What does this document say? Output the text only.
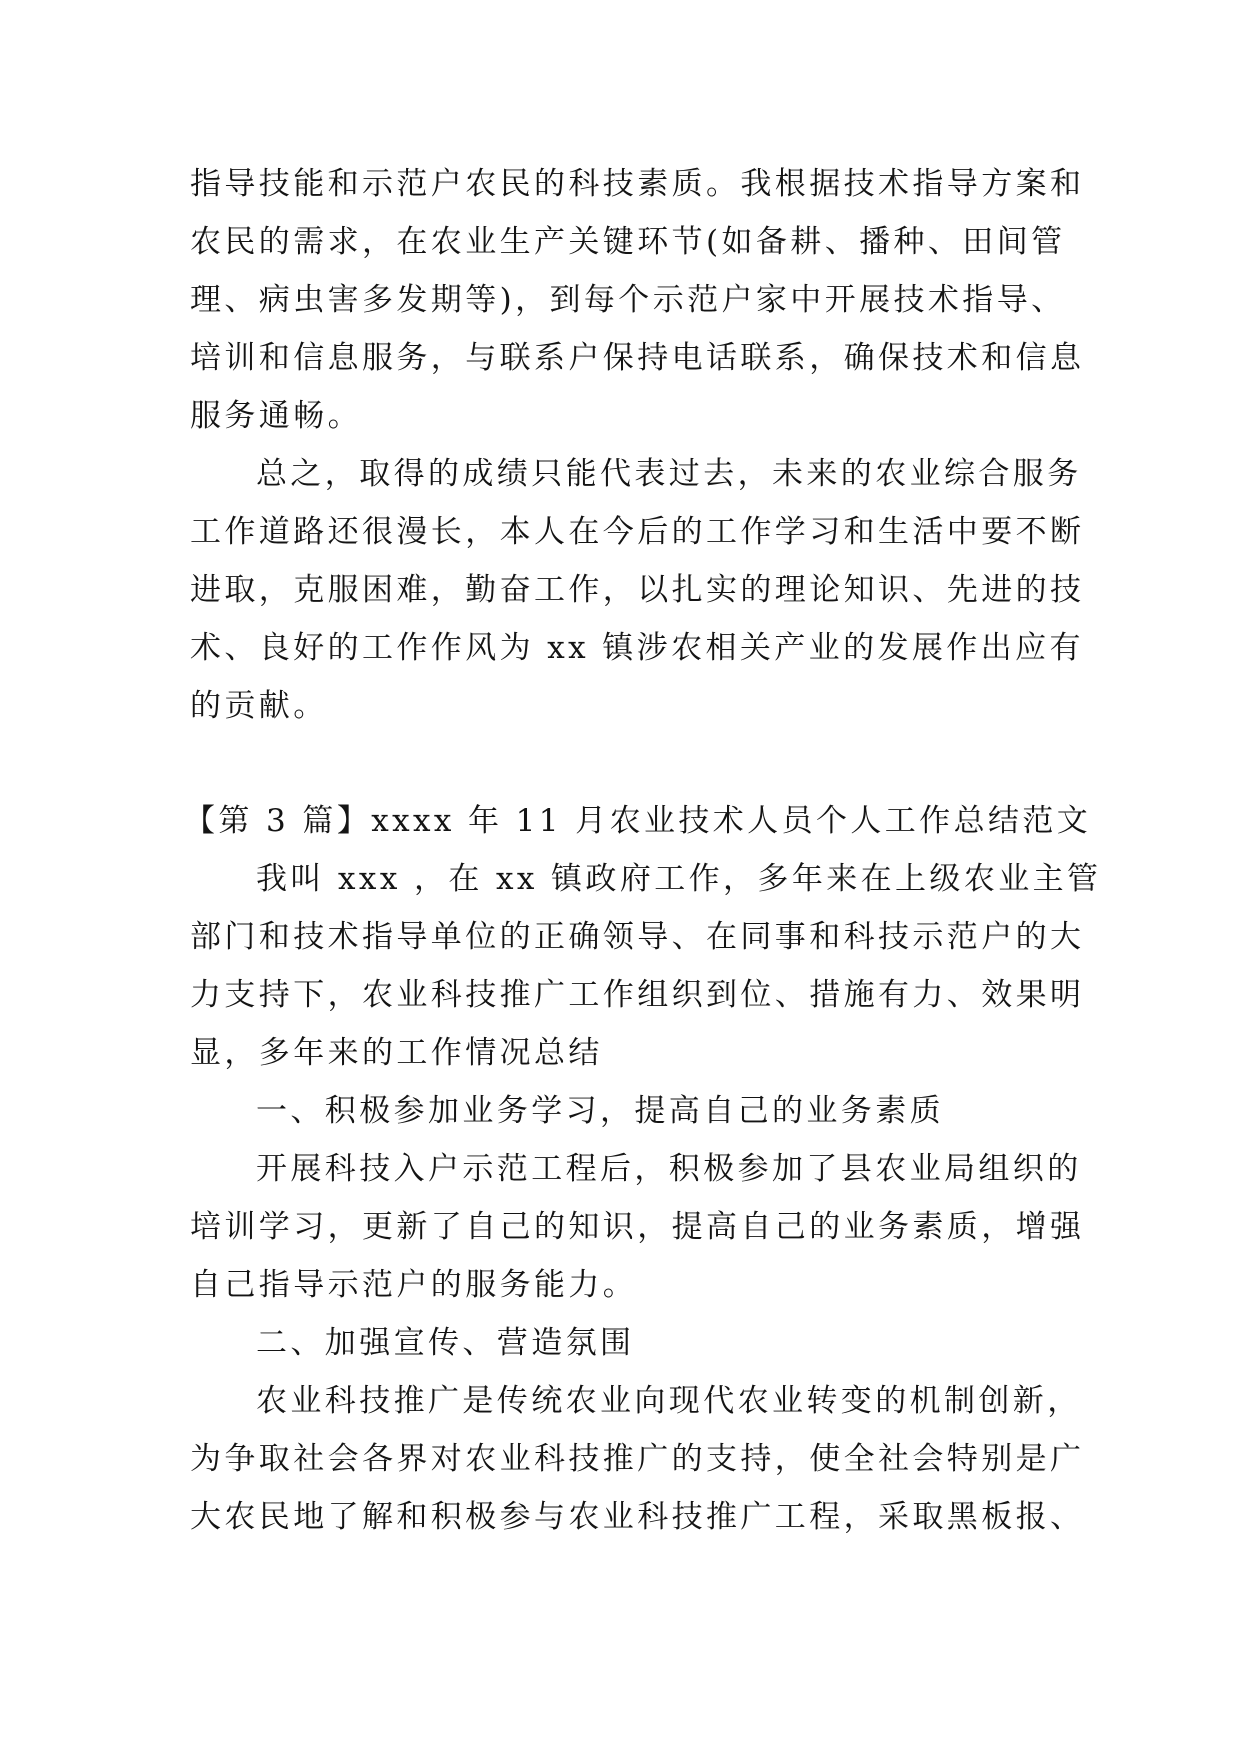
指导技能和示范户农民的科技素质。我根据技术指导方案和
农民的需求，在农业生产关键环节(如备耕、播种、田间管
理、病虫害多发期等)，到每个示范户家中开展技术指导、
培训和信息服务，与联系户保持电话联系，确保技术和信息
服务通畅。
总之，取得的成绩只能代表过去，未来的农业综合服务
工作道路还很漫长，本人在今后的工作学习和生活中要不断
进取，克服困难，勤奋工作，以扎实的理论知识、先进的技
术、良好的工作作风为 xx 镇涉农相关产业的发展作出应有
的贡献。
【第 3 篇】xxxx 年 11 月农业技术人员个人工作总结范文
我叫 xxx ，在 xx 镇政府工作，多年来在上级农业主管
部门和技术指导单位的正确领导、在同事和科技示范户的大
力支持下，农业科技推广工作组织到位、措施有力、效果明
显，多年来的工作情况总结
一、积极参加业务学习，提高自己的业务素质
开展科技入户示范工程后，积极参加了县农业局组织的
培训学习，更新了自己的知识，提高自己的业务素质，增强
自己指导示范户的服务能力。
二、加强宣传、营造氛围
农业科技推广是传统农业向现代农业转变的机制创新，
为争取社会各界对农业科技推广的支持，使全社会特别是广
大农民地了解和积极参与农业科技推广工程，采取黑板报、
